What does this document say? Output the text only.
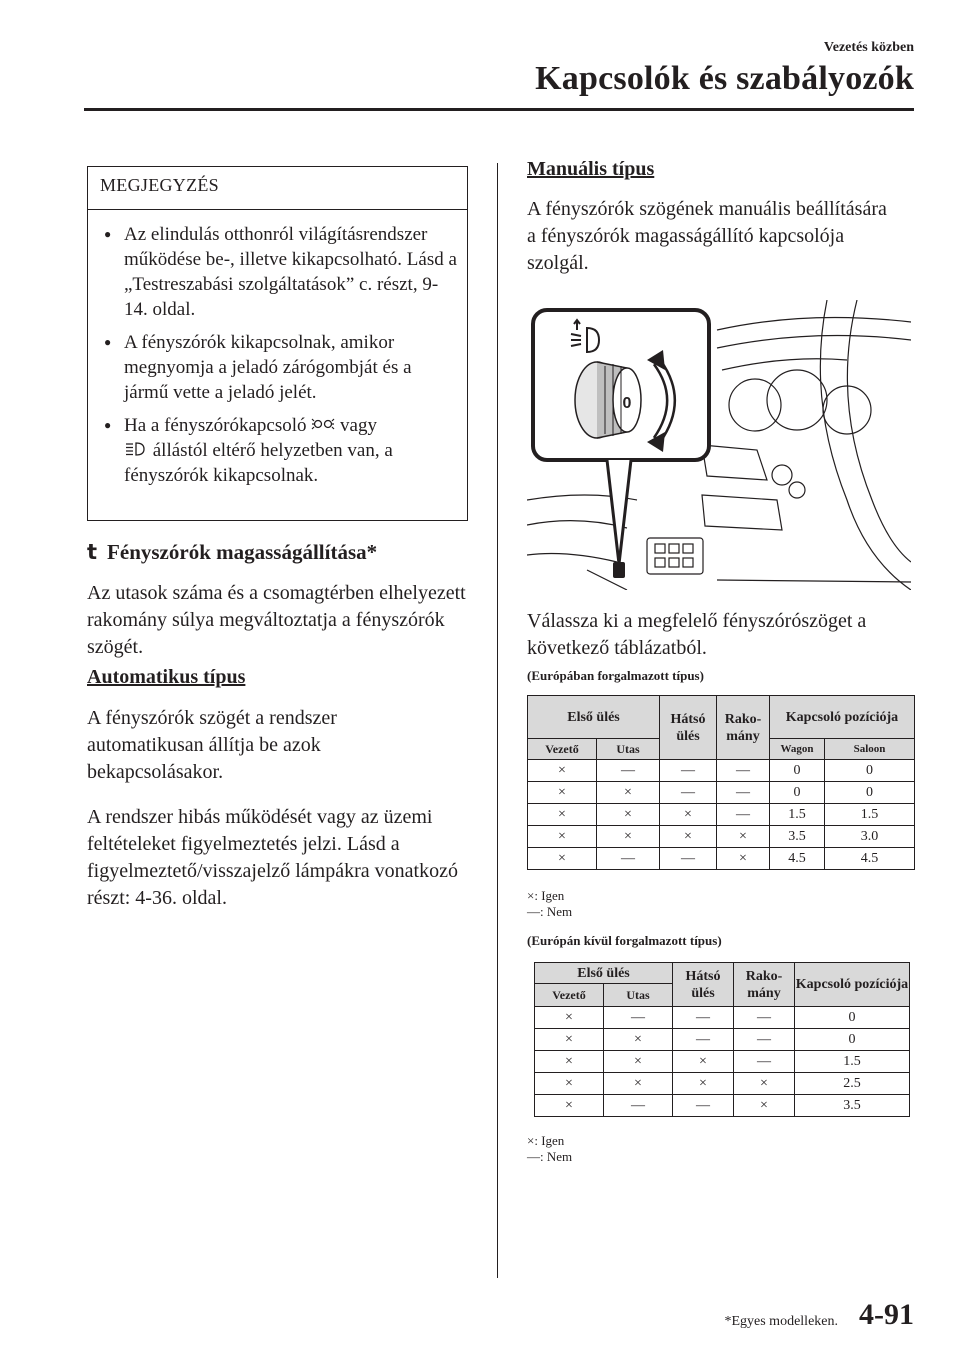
Vezetés közben
Kapcsolók és szabályozók
MEGJEGYZÉS
● Az elindulás otthonról világításrendszer működése be-, illetve kikapcsolható. Lásd a „Testreszabási szolgáltatások” c. részt, 9-14. oldal.
● A fényszórók kikapcsolnak, amikor megnyomja a jeladó zárógombját és a jármű vette a jeladó jelét.
● Ha a fényszórókapcsoló vagy
állástól eltérő helyzetben van, a fényszórók kikapcsolnak.
t Fényszórók magasságállítása*
Az utasok száma és a csomagtérben elhelyezett rakomány súlya megváltoztatja a fényszórók szögét.
Automatikus típus
A fényszórók szögét a rendszer automatikusan állítja be azok bekapcsolásakor.
A rendszer hibás működését vagy az üzemi feltételeket figyelmeztetés jelzi. Lásd a figyelmeztető/visszajelző lámpákra vonatkozó részt: 4-36. oldal.
Manuális típus
A fényszórók szögének manuális beállítására a fényszórók magasságállító kapcsolója szolgál.
0
Válassza ki a megfelelő fényszórószöget a következő táblázatból.
(Európában forgalmazott típus)
Első ülés		Hátsó ülés	Rako- mány	Kapcsoló pozíciója	
Vezető	Utas			Wagon	Saloon
×	—	—	—	0	0
×	×	—	—	0	0
×	×	×	—	1.5	1.5
×	×	×	×	3.5	3.0
×	—	—	×	4.5	4.5
×: Igen
—: Nem
(Európán kívül forgalmazott típus)
Első ülés		Hátsó ülés	Rako- mány	Kapcsoló pozíciója
Vezető	Utas			
×	—	—	—	0
×	×	—	—	0
×	×	×	—	1.5
×	×	×	×	2.5
×	—	—	×	3.5
×: Igen
—: Nem
*Egyes modelleken. 4-91
